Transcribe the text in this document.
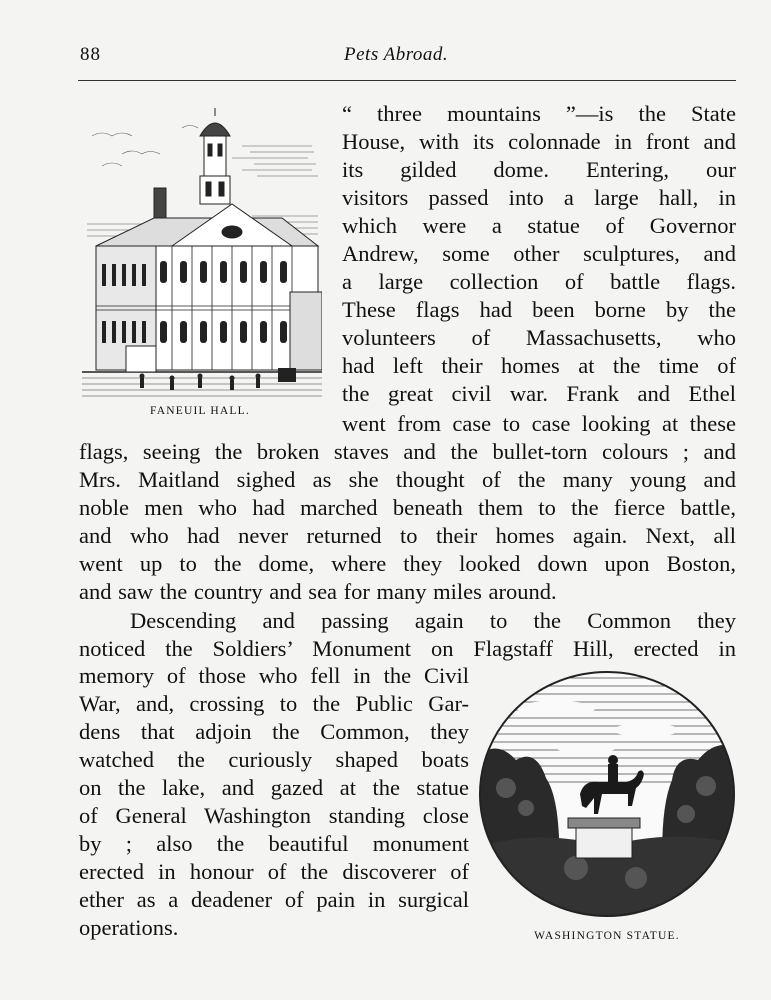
88	Pets Abroad.
FANEUIL HALL.
WASHINGTON STATUE.
“ three mountains ”—is the State
House, with its colonnade in front and
its gilded dome. Entering, our
visitors passed into a large hall, in
which were a statue of Governor
Andrew, some other sculptures, and
a large collection of battle flags.
These flags had been borne by the
volunteers of Massachusetts, who
had left their homes at the time of
the great civil war. Frank and Ethel
went from case to case looking at these
flags, seeing the broken staves and the bullet-torn colours ; and
Mrs. Maitland sighed as she thought of the many young and
noble men who had marched beneath them to the fierce battle,
and who had never returned to their homes again. Next, all
went up to the dome, where they looked down upon Boston,
and saw the country and sea for many miles around.
Descending and passing again to the Common they
noticed the Soldiers’ Monument on Flagstaff Hill, erected in
memory of those who fell in the Civil
War, and, crossing to the Public Gar-
dens that adjoin the Common, they
watched the curiously shaped boats
on the lake, and gazed at the statue
of General Washington standing close
by ; also the beautiful monument
erected in honour of the discoverer of
ether as a deadener of pain in surgical
operations.
